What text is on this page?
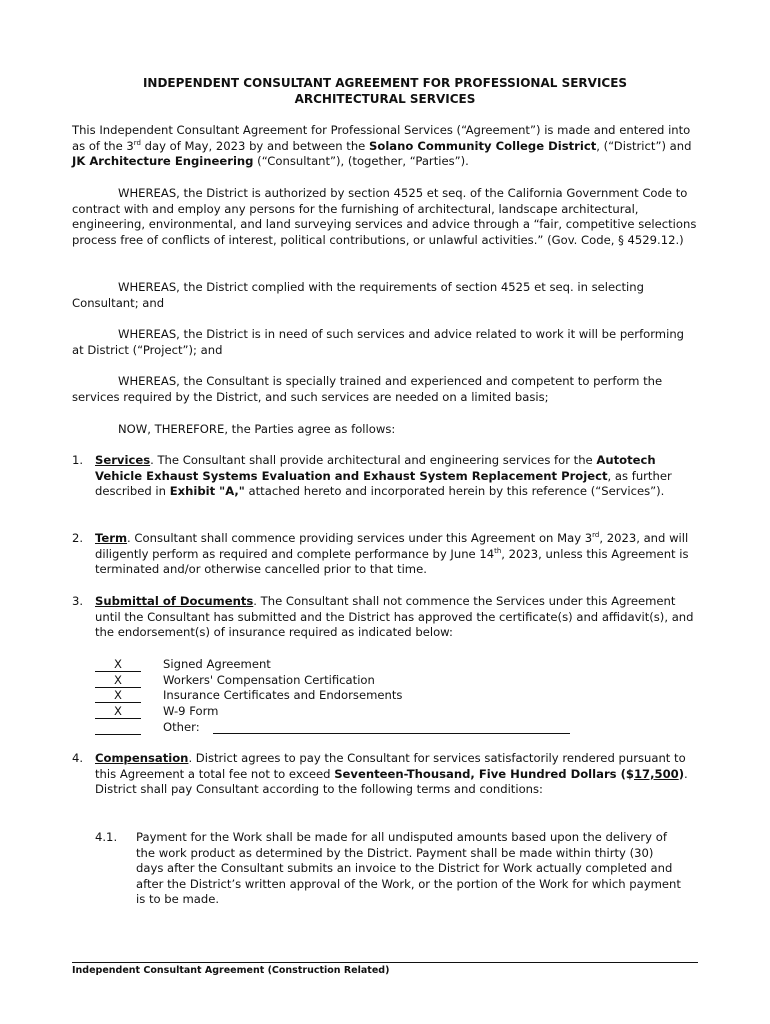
INDEPENDENT CONSULTANT AGREEMENT FOR PROFESSIONAL SERVICES
ARCHITECTURAL SERVICES

This Independent Consultant Agreement for Professional Services (“Agreement”) is made and entered into as of the 3rd day of May, 2023 by and between the Solano Community College District, (“District”) and JK Architecture Engineering (“Consultant”), (together, “Parties”).

WHEREAS, the District is authorized by section 4525 et seq. of the California Government Code to contract with and employ any persons for the furnishing of architectural, landscape architectural, engineering, environmental, and land surveying services and advice through a “fair, competitive selections process free of conflicts of interest, political contributions, or unlawful activities.” (Gov. Code, § 4529.12.)

WHEREAS, the District complied with the requirements of section 4525 et seq. in selecting Consultant; and

WHEREAS, the District is in need of such services and advice related to work it will be performing at District (“Project”); and

WHEREAS, the Consultant is specially trained and experienced and competent to perform the services required by the District, and such services are needed on a limited basis;

NOW, THEREFORE, the Parties agree as follows:

1. Services. The Consultant shall provide architectural and engineering services for the Autotech Vehicle Exhaust Systems Evaluation and Exhaust System Replacement Project, as further described in Exhibit "A," attached hereto and incorporated herein by this reference (“Services”).

2. Term. Consultant shall commence providing services under this Agreement on May 3rd, 2023, and will diligently perform as required and complete performance by June 14th, 2023, unless this Agreement is terminated and/or otherwise cancelled prior to that time.

3. Submittal of Documents. The Consultant shall not commence the Services under this Agreement until the Consultant has submitted and the District has approved the certificate(s) and affidavit(s), and the endorsement(s) of insurance required as indicated below:

X	Signed Agreement
X	Workers' Compensation Certification
X	Insurance Certificates and Endorsements
X	W-9 Form
Other:
4. Compensation. District agrees to pay the Consultant for services satisfactorily rendered pursuant to this Agreement a total fee not to exceed Seventeen-Thousand, Five Hundred Dollars ($17,500). District shall pay Consultant according to the following terms and conditions:

4.1. Payment for the Work shall be made for all undisputed amounts based upon the delivery of the work product as determined by the District. Payment shall be made within thirty (30) days after the Consultant submits an invoice to the District for Work actually completed and after the District’s written approval of the Work, or the portion of the Work for which payment is to be made.

Independent Consultant Agreement (Construction Related)
